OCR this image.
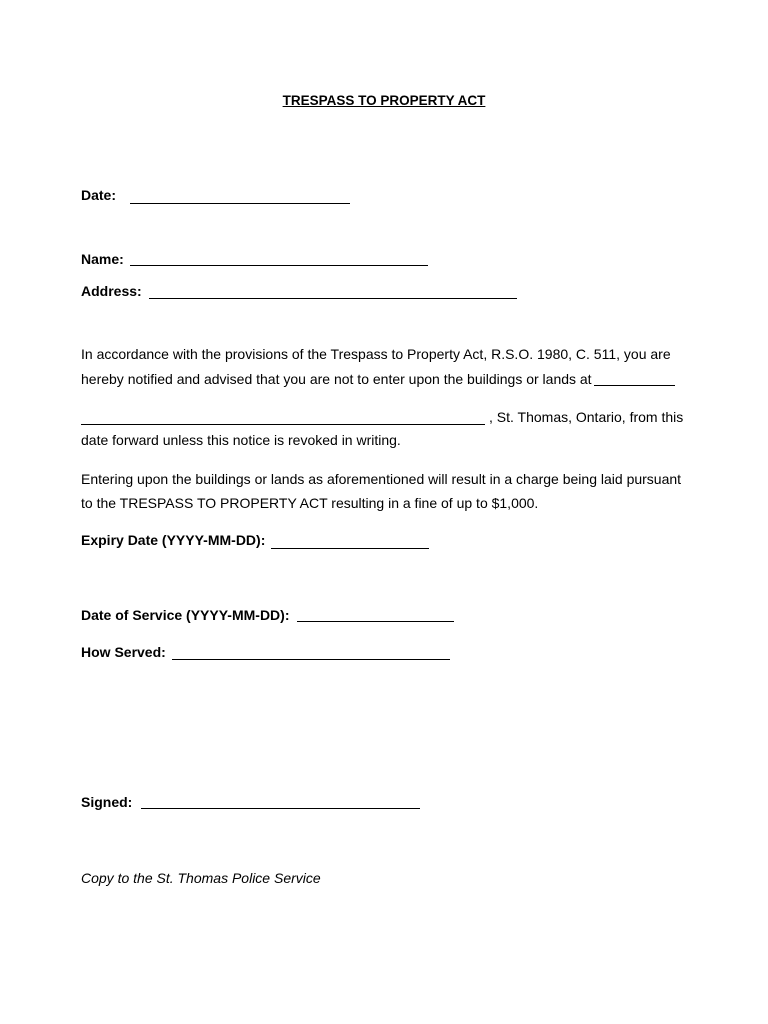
TRESPASS TO PROPERTY ACT
Date:
Name:
Address:
In accordance with the provisions of the Trespass to Property Act, R.S.O. 1980, C. 511, you are
hereby notified and advised that you are not to enter upon the buildings or lands at
, St. Thomas, Ontario, from this
date forward unless this notice is revoked in writing.
Entering upon the buildings or lands as aforementioned will result in a charge being laid pursuant
to the TRESPASS TO PROPERTY ACT resulting in a fine of up to $1,000.
Expiry Date (YYYY-MM-DD):
Date of Service (YYYY-MM-DD):
How Served:
Signed:
Copy to the St. Thomas Police Service
